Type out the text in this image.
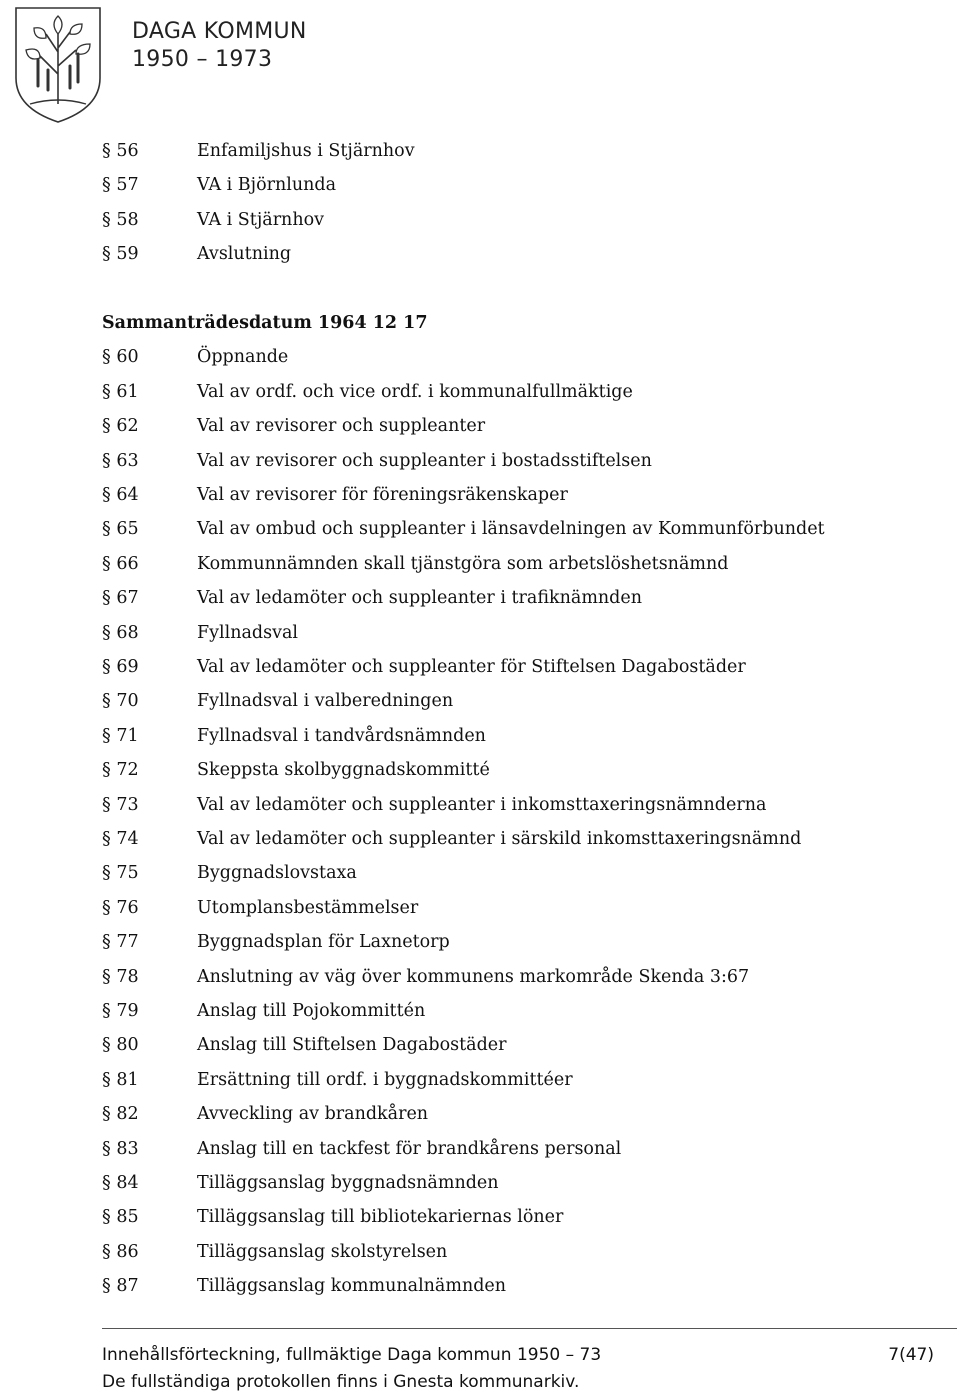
DAGA KOMMUN
1950 – 1973
§ 56	Enfamiljshus i Stjärnhov
§ 57	VA i Björnlunda
§ 58	VA i Stjärnhov
§ 59	Avslutning
Sammanträdesdatum 1964 12 17
§ 60	Öppnande
§ 61	Val av ordf. och vice ordf. i kommunalfullmäktige
§ 62	Val av revisorer och suppleanter
§ 63	Val av revisorer och suppleanter i bostadsstiftelsen
§ 64	Val av revisorer för föreningsräkenskaper
§ 65	Val av ombud och suppleanter i länsavdelningen av Kommunförbundet
§ 66	Kommunnämnden skall tjänstgöra som arbetslöshetsnämnd
§ 67	Val av ledamöter och suppleanter i trafiknämnden
§ 68	Fyllnadsval
§ 69	Val av ledamöter och suppleanter för Stiftelsen Dagabostäder
§ 70	Fyllnadsval i valberedningen
§ 71	Fyllnadsval i tandvårdsnämnden
§ 72	Skeppsta skolbyggnadskommitté
§ 73	Val av ledamöter och suppleanter i inkomsttaxeringsnämnderna
§ 74	Val av ledamöter och suppleanter i särskild inkomsttaxeringsnämnd
§ 75	Byggnadslovstaxa
§ 76	Utomplansbestämmelser
§ 77	Byggnadsplan för Laxnetorp
§ 78	Anslutning av väg över kommunens markområde Skenda 3:67
§ 79	Anslag till Pojokommittén
§ 80	Anslag till Stiftelsen Dagabostäder
§ 81	Ersättning till ordf. i byggnadskommittéer
§ 82	Avveckling av brandkåren
§ 83	Anslag till en tackfest för brandkårens personal
§ 84	Tilläggsanslag byggnadsnämnden
§ 85	Tilläggsanslag till bibliotekariernas löner
§ 86	Tilläggsanslag skolstyrelsen
§ 87	Tilläggsanslag kommunalnämnden
Innehållsförteckning, fullmäktige Daga kommun 1950 – 73	7(47)
De fullständiga protokollen finns i Gnesta kommunarkiv.
